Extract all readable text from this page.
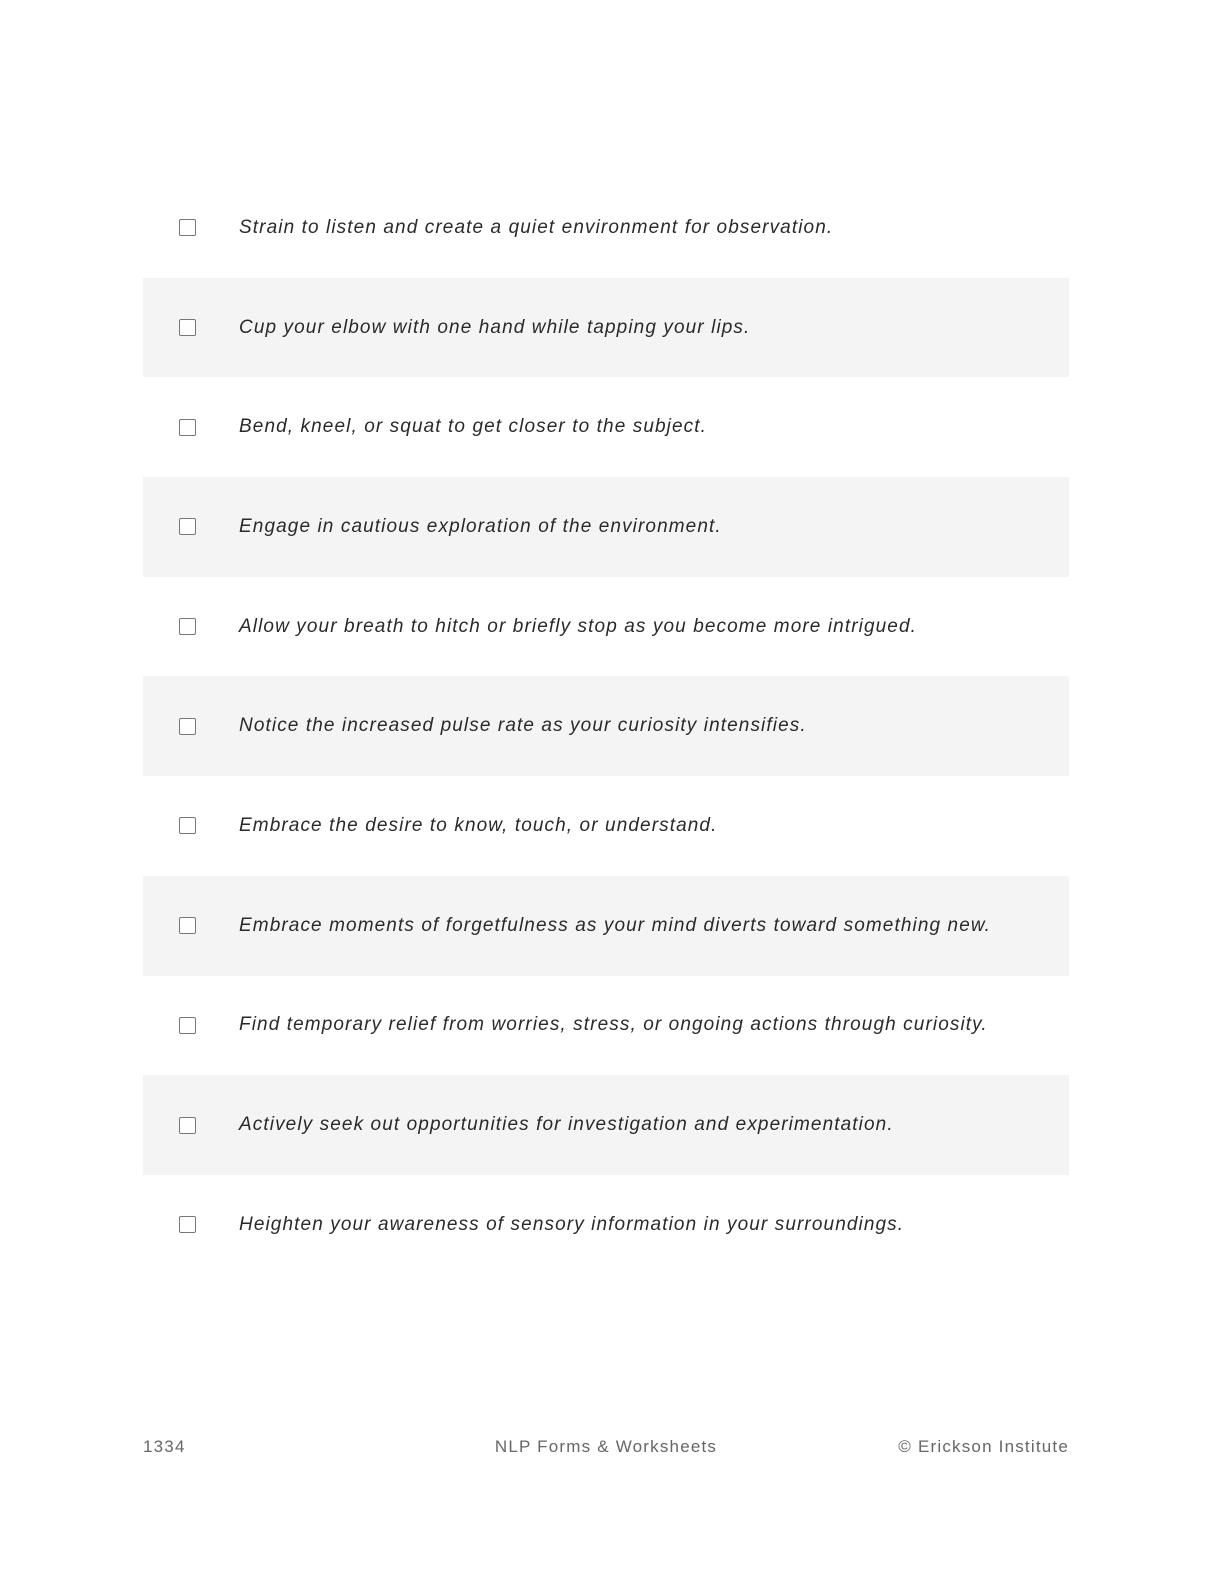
Strain to listen and create a quiet environment for observation.
Cup your elbow with one hand while tapping your lips.
Bend, kneel, or squat to get closer to the subject.
Engage in cautious exploration of the environment.
Allow your breath to hitch or briefly stop as you become more intrigued.
Notice the increased pulse rate as your curiosity intensifies.
Embrace the desire to know, touch, or understand.
Embrace moments of forgetfulness as your mind diverts toward something new.
Find temporary relief from worries, stress, or ongoing actions through curiosity.
Actively seek out opportunities for investigation and experimentation.
Heighten your awareness of sensory information in your surroundings.
1334	NLP Forms & Worksheets	© Erickson Institute
